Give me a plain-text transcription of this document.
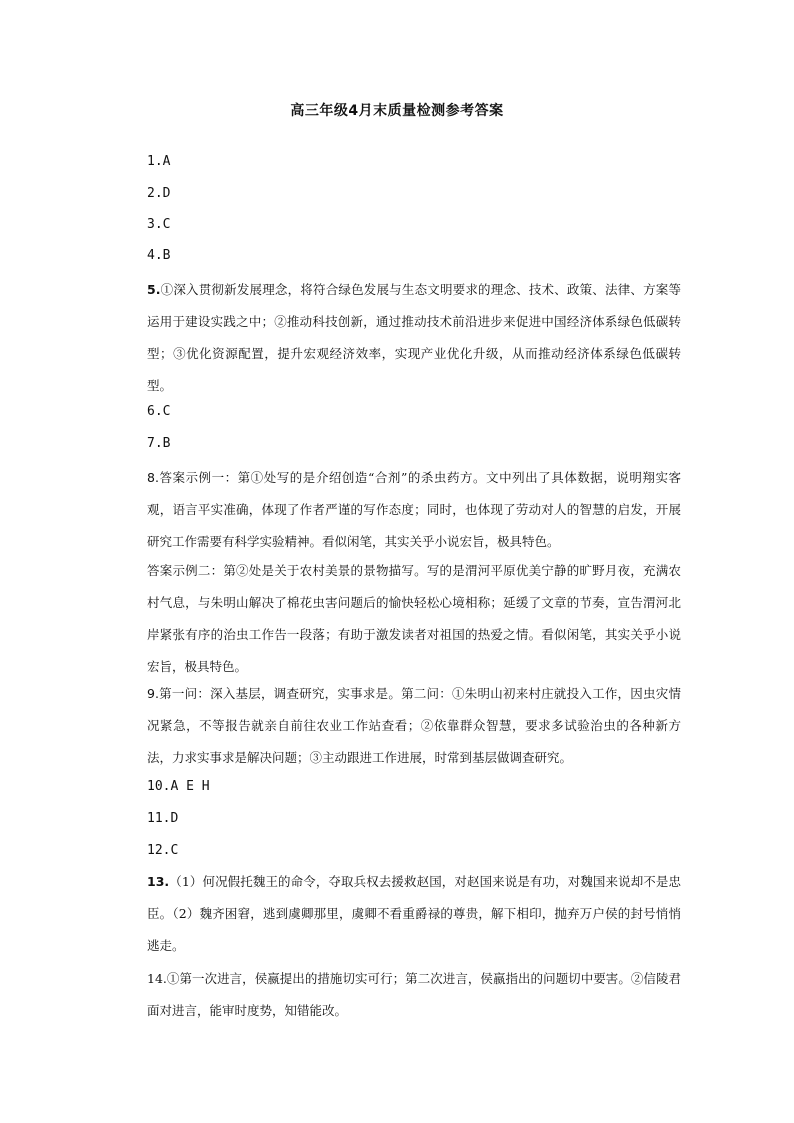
高三年级4月末质量检测参考答案
1.A
2.D
3.C
4.B

5.①深入贯彻新发展理念，将符合绿色发展与生态文明要求的理念、技术、政策、法律、方案等运用于建设实践之中；②推动科技创新，通过推动技术前沿进步来促进中国经济体系绿色低碳转型；③优化资源配置，提升宏观经济效率，实现产业优化升级，从而推动经济体系绿色低碳转型。

6.C
7.B

8.答案示例一：第①处写的是介绍创造“合剂”的杀虫药方。文中列出了具体数据，说明翔实客观，语言平实准确，体现了作者严谨的写作态度；同时，也体现了劳动对人的智慧的启发，开展研究工作需要有科学实验精神。看似闲笔，其实关乎小说宏旨，极具特色。

答案示例二：第②处是关于农村美景的景物描写。写的是渭河平原优美宁静的旷野月夜，充满农村气息，与朱明山解决了棉花虫害问题后的愉快轻松心境相称；延缓了文章的节奏，宣告渭河北岸紧张有序的治虫工作告一段落；有助于激发读者对祖国的热爱之情。看似闲笔，其实关乎小说宏旨，极具特色。

9.第一问：深入基层，调查研究，实事求是。第二问：①朱明山初来村庄就投入工作，因虫灾情况紧急，不等报告就亲自前往农业工作站查看；②依靠群众智慧，要求多试验治虫的各种新方法，力求实事求是解决问题；③主动跟进工作进展，时常到基层做调查研究。

10.A E H
11.D
12.C

13.（1）何况假托魏王的命令，夺取兵权去援救赵国，对赵国来说是有功，对魏国来说却不是忠臣。（2）魏齐困窘，逃到虞卿那里，虞卿不看重爵禄的尊贵，解下相印，抛弃万户侯的封号悄悄逃走。

14.①第一次进言，侯嬴提出的措施切实可行；第二次进言，侯嬴指出的问题切中要害。②信陵君面对进言，能审时度势，知错能改。
